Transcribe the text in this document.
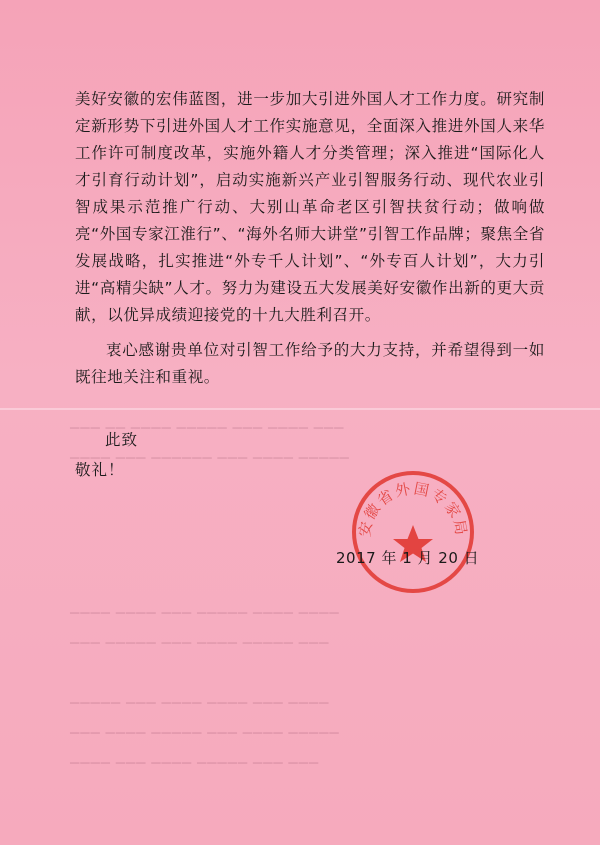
▁▁▁ ▁▁ ▁▁▁▁ ▁▁▁▁▁ ▁▁▁ ▁▁▁▁ ▁▁▁
▁▁▁▁ ▁▁▁ ▁▁▁▁▁▁ ▁▁▁ ▁▁▁▁ ▁▁▁▁▁
▁▁▁▁ ▁▁▁▁ ▁▁▁ ▁▁▁▁▁ ▁▁▁▁ ▁▁▁▁
▁▁▁ ▁▁▁▁▁ ▁▁▁ ▁▁▁▁ ▁▁▁▁▁ ▁▁▁
▁▁▁▁▁ ▁▁▁ ▁▁▁▁ ▁▁▁▁ ▁▁▁ ▁▁▁▁
▁▁▁ ▁▁▁▁ ▁▁▁▁▁ ▁▁▁ ▁▁▁▁ ▁▁▁▁▁
▁▁▁▁ ▁▁▁ ▁▁▁▁ ▁▁▁▁▁ ▁▁▁ ▁▁▁

美好安徽的宏伟蓝图，进一步加大引进外国人才工作力度。研究制定新形势下引进外国人才工作实施意见，全面深入推进外国人来华工作许可制度改革，实施外籍人才分类管理；深入推进“国际化人才引育行动计划”，启动实施新兴产业引智服务行动、现代农业引智成果示范推广行动、大别山革命老区引智扶贫行动；做响做亮“外国专家江淮行”、“海外名师大讲堂”引智工作品牌；聚焦全省发展战略，扎实推进“外专千人计划”、“外专百人计划”，大力引进“高精尖缺”人才。努力为建设五大发展美好安徽作出新的更大贡献，以优异成绩迎接党的十九大胜利召开。

衷心感谢贵单位对引智工作给予的大力支持，并希望得到一如既往地关注和重视。

此致
敬礼！
安徽省外国专家局
2017 年 1 月 20 日
